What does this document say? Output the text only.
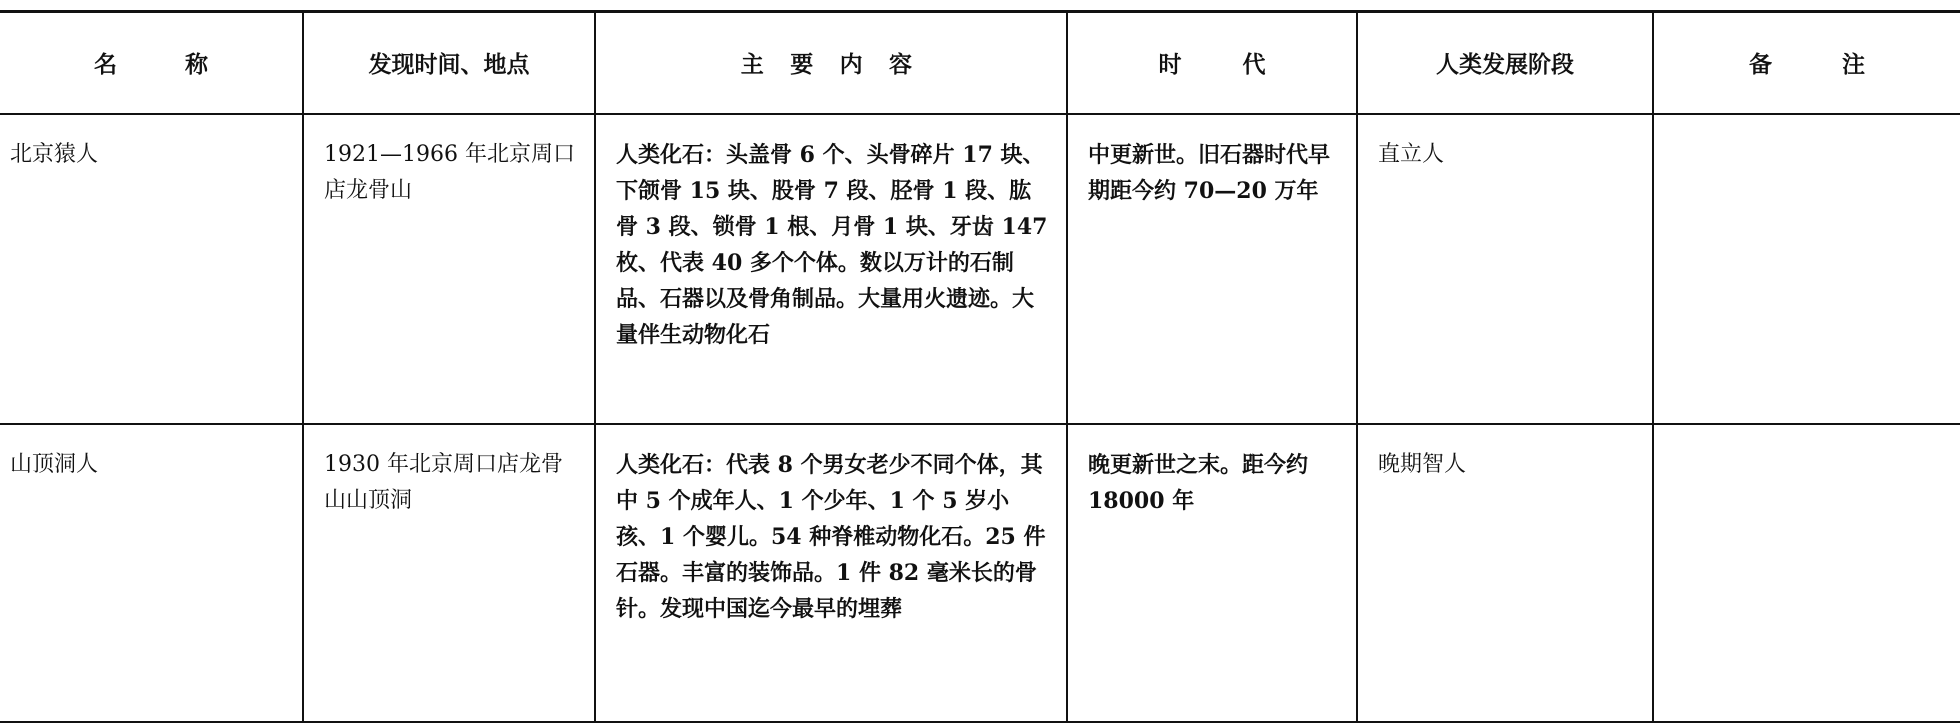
名 称	发现时间、地点	主 要 内 容	时 代	人类发展阶段	备 注

北京猿人	1921—1966 年北京周口店龙骨山	人类化石：头盖骨 6 个、头骨碎片 17 块、下颌骨 15 块、股骨 7 段、胫骨 1 段、肱骨 3 段、锁骨 1 根、月骨 1 块、牙齿 147 枚、代表 40 多个个体。数以万计的石制品、石器以及骨角制品。大量用火遗迹。大量伴生动物化石	中更新世。旧石器时代早期距今约 70—20 万年	直立人	
山顶洞人	1930 年北京周口店龙骨山山顶洞	人类化石：代表 8 个男女老少不同个体，其中 5 个成年人、1 个少年、1 个 5 岁小孩、1 个婴儿。54 种脊椎动物化石。25 件石器。丰富的装饰品。1 件 82 毫米长的骨针。发现中国迄今最早的埋葬	晚更新世之末。距今约 18000 年	晚期智人	
